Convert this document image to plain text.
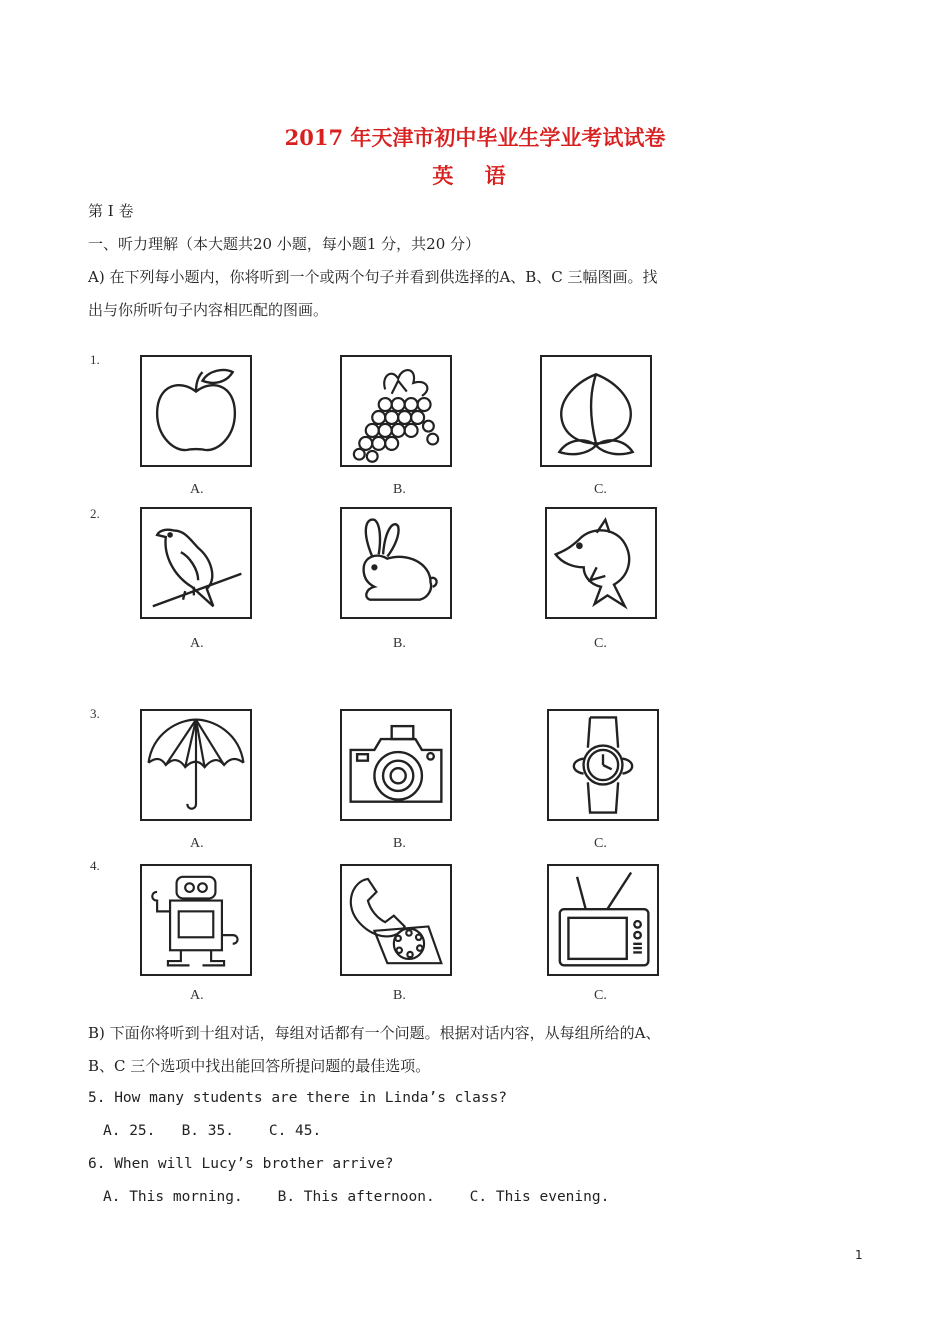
2017 年天津市初中毕业生学业考试试卷
英 语
第 I 卷
一、听力理解（本大题共20 小题，每小题1 分，共20 分）
A) 在下列每小题内，你将听到一个或两个句子并看到供选择的A、B、C 三幅图画。找
出与你所听句子内容相匹配的图画。
1.
A.	B.	C.
2.
A.	B.	C.
3.
A.	B.	C.
4.
A.	B.	C.
B) 下面你将听到十组对话，每组对话都有一个问题。根据对话内容，从每组所给的A、
B、C 三个选项中找出能回答所提问题的最佳选项。
5. How many students are there in Linda’s class?
A. 25.   B. 35.    C. 45.
6. When will Lucy’s brother arrive?
A. This morning.    B. This afternoon.    C. This evening.
1
